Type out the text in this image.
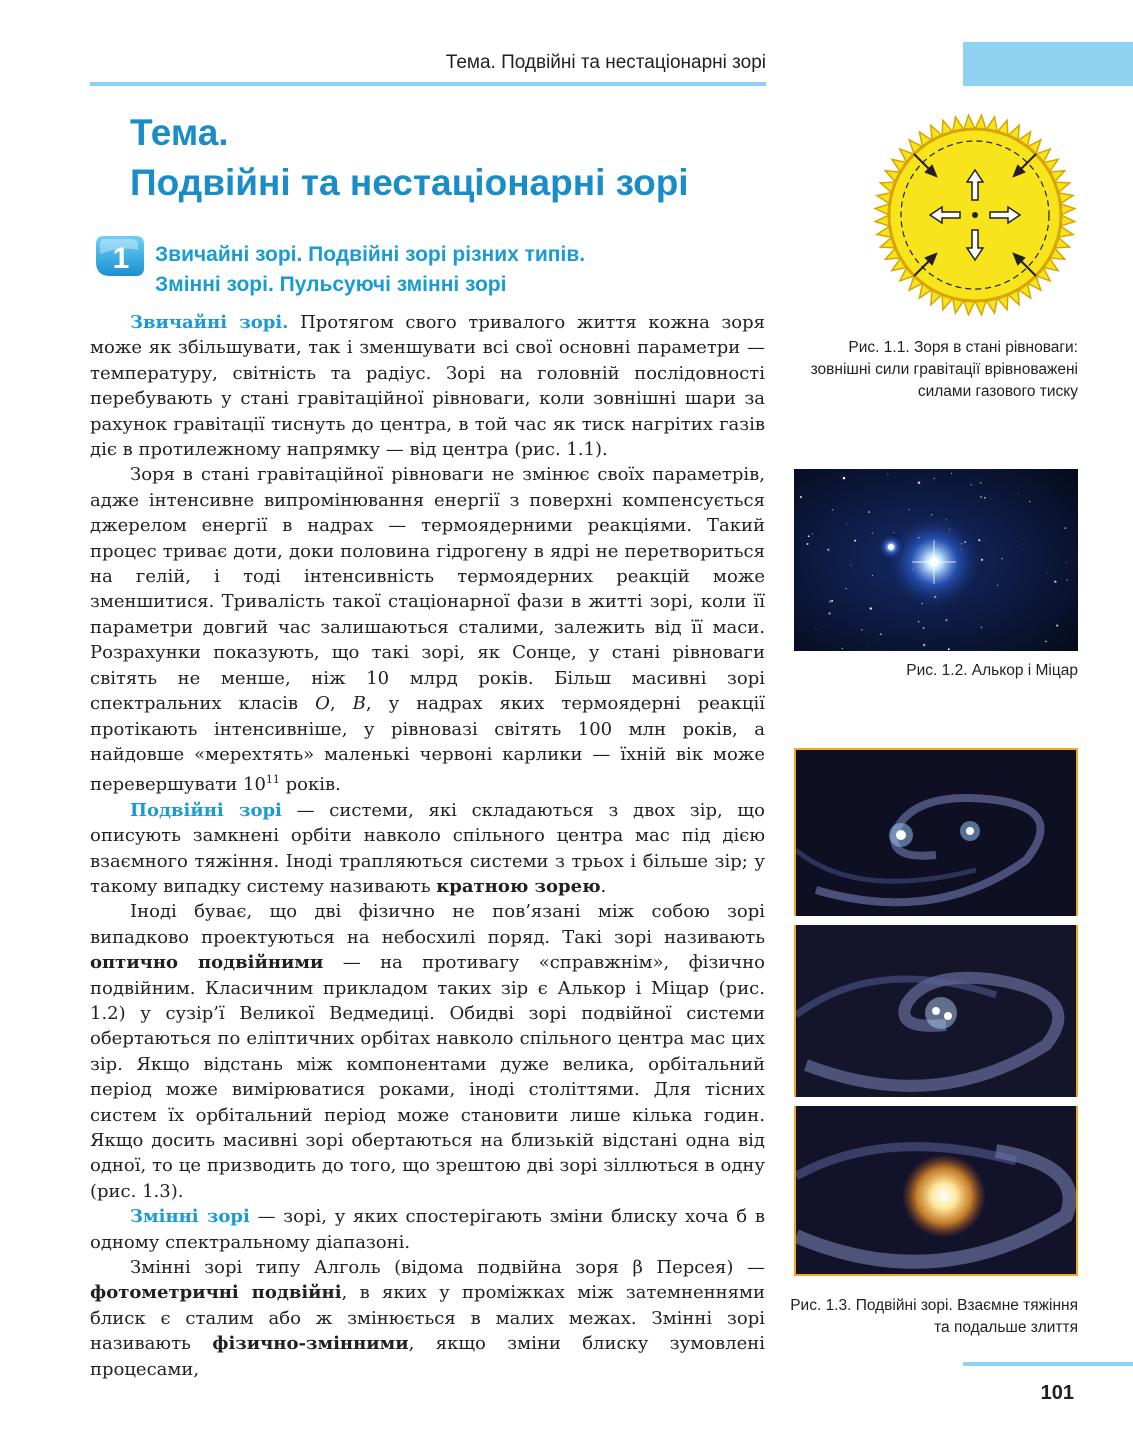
Тема. Подвійні та нестаціонарні зорі
Тема.
Подвійні та нестаціонарні зорі
1 Звичайні зорі. Подвійні зорі різних типів.
Змінні зорі. Пульсуючі змінні зорі

Звичайні зорі. Протягом свого тривалого життя кожна зоря може як збільшувати, так і зменшувати всі свої основні параметри — температуру, світність та радіус. Зорі на головній послідовності перебувають у стані гравітаційної рівноваги, коли зовнішні шари за рахунок гравітації тиснуть до центра, в той час як тиск нагрітих газів діє в протилежному напрямку — від центра (рис. 1.1).

Зоря в стані гравітаційної рівноваги не змінює своїх параметрів, адже інтенсивне випромінювання енергії з поверхні компенсується джерелом енергії в надрах — термоядерними реакціями. Такий процес триває доти, доки половина гідрогену в ядрі не перетвориться на гелій, і тоді інтенсивність термоядерних реакцій може зменшитися. Тривалість такої стаціонарної фази в житті зорі, коли її параметри довгий час залишаються сталими, залежить від її маси. Розрахунки показують, що такі зорі, як Сонце, у стані рівноваги світять не менше, ніж 10 млрд років. Більш масивні зорі спектральних класів O, B, у надрах яких термоядерні реакції протікають інтенсивніше, у рівновазі світять 100 млн років, а найдовше «мерехтять» маленькі червоні карлики — їхній вік може перевершувати $10^{11}$ років.

Подвійні зорі — системи, які складаються з двох зір, що описують замкнені орбіти навколо спільного центра мас під дією взаємного тяжіння. Іноді трапляються системи з трьох і більше зір; у такому випадку систему називають кратною зорею.

Іноді буває, що дві фізично не пов’язані між собою зорі випадково проектуються на небосхилі поряд. Такі зорі називають оптично подвійними — на противагу «справжнім», фізично подвійним. Класичним прикладом таких зір є Алькор і Міцар (рис. 1.2) у сузір’ї Великої Ведмедиці. Обидві зорі подвійної системи обертаються по еліптичних орбітах навколо спільного центра мас цих зір. Якщо відстань між компонентами дуже велика, орбітальний період може вимірюватися роками, іноді століттями. Для тісних систем їх орбітальний період може становити лише кілька годин. Якщо досить масивні зорі обертаються на близькій відстані одна від одної, то це призводить до того, що зрештою дві зорі зіллються в одну (рис. 1.3).

Змінні зорі — зорі, у яких спостерігають зміни блиску хоча б в одному спектральному діапазоні.

Змінні зорі типу Алголь (відома подвійна зоря β Персея) — фотометричні подвійні, в яких у проміжках між затемненнями блиск є сталим або ж змінюється в малих межах. Змінні зорі називають фізично-змінними, якщо зміни блиску зумовлені процесами,

Рис. 1.1. Зоря в стані рівноваги: зовнішні сили гравітації врівноважені силами газового тиску
Рис. 1.2. Алькор і Міцар
Рис. 1.3. Подвійні зорі. Взаємне тяжіння та подальше злиття
101
